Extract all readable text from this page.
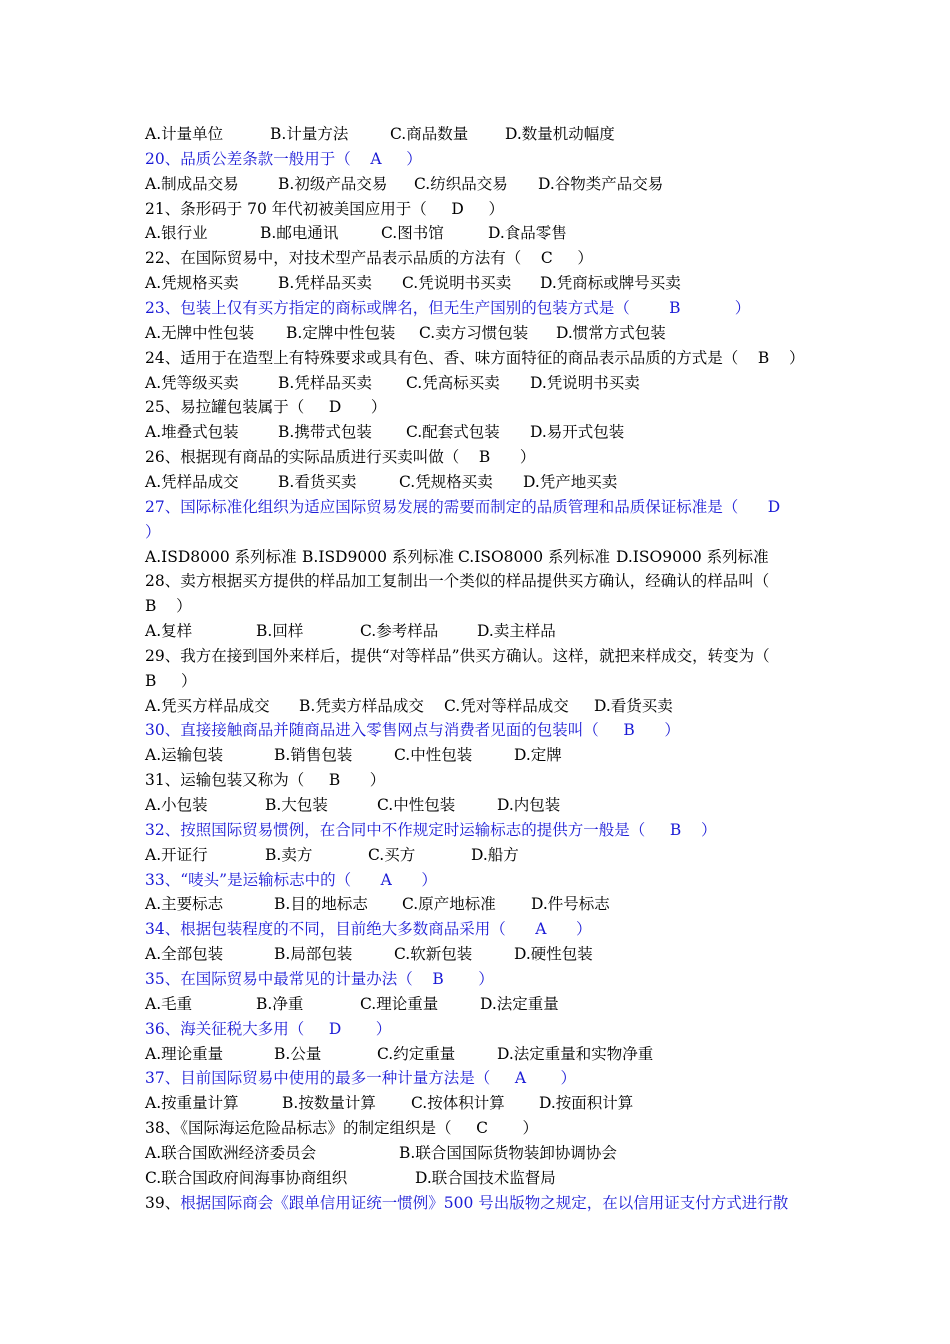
A.计量单位	B.计量方法	C.商品数量 D.数量机动幅度
20、品质公差条款一般用于（    A     ）
A.制成品交易	B.初级产品交易 C.纺织品交易 D.谷物类产品交易
21、条形码于 70 年代初被美国应用于（     D     ）
A.银行业	B.邮电通讯	C.图书馆	D.食品零售
22、在国际贸易中，对技术型产品表示品质的方法有（    C     ）
A.凭规格买卖	B.凭样品买卖 C.凭说明书买卖 D.凭商标或牌号买卖
23、包装上仅有买方指定的商标或牌名，但无生产国别的包装方式是（        B           ）
A.无牌中性包装 B.定牌中性包装 C.卖方习惯包装 D.惯常方式包装
24、适用于在造型上有特殊要求或具有色、香、味方面特征的商品表示品质的方式是（    B    ）
A.凭等级买卖	B.凭样品买卖 C.凭高标买卖 D.凭说明书买卖
25、易拉罐包装属于（     D      ）
A.堆叠式包装	B.携带式包装 C.配套式包装 D.易开式包装
26、根据现有商品的实际品质进行买卖叫做（    B      ）
A.凭样品成交	B.看货买卖	C.凭规格买卖 D.凭产地买卖
27、国际标准化组织为适应国际贸易发展的需要而制定的品质管理和品质保证标准是（      D
）
A.ISD8000 系列标准 B.ISD9000 系列标准 C.ISO8000 系列标准 D.ISO9000 系列标准
28、卖方根据买方提供的样品加工复制出一个类似的样品提供买方确认，经确认的样品叫（
B    ）
A.复样	B.回样	C.参考样品	D.卖主样品
29、我方在接到国外来样后，提供“对等样品”供买方确认。这样，就把来样成交，转变为（
B     ）
A.凭买方样品成交 B.凭卖方样品成交 C.凭对等样品成交 D.看货买卖
30、直接接触商品并随商品进入零售网点与消费者见面的包装叫（     B      ）
A.运输包装	B.销售包装	C.中性包装	D.定牌
31、运输包装又称为（     B      ）
A.小包装	B.大包装	C.中性包装	D.内包装
32、按照国际贸易惯例，在合同中不作规定时运输标志的提供方一般是（     B    ）
A.开证行	B.卖方	C.买方	D.船方
33、“唛头”是运输标志中的（      A      ）
A.主要标志	B.目的地标志 C.原产地标准 D.件号标志
34、根据包装程度的不同，目前绝大多数商品采用（      A      ）
A.全部包装	B.局部包装	C.软新包装	D.硬性包装
35、在国际贸易中最常见的计量办法（    B       ）
A.毛重	B.净重	C.理论重量	D.法定重量
36、海关征税大多用（     D       ）
A.理论重量	B.公量	C.约定重量	D.法定重量和实物净重
37、目前国际贸易中使用的最多一种计量方法是（     A       ）
A.按重量计算	B.按数量计算 C.按体积计算 D.按面积计算
38、《国际海运危险品标志》的制定组织是（     C       ）
A.联合国欧洲经济委员会	B.联合国国际货物装卸协调协会
C.联合国政府间海事协商组织	D.联合国技术监督局
39、根据国际商会《跟单信用证统一惯例》500 号出版物之规定，在以信用证支付方式进行散
